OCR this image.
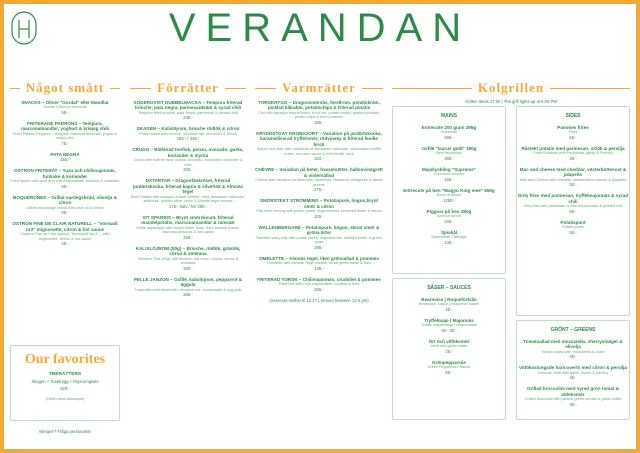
VERANDAN
Något smått
SNACKS – Oliver "Gordal" eller Mandlar
Gordal Olives or Almonds
55:-
FRITERADE PADRONS – Tempura, marconamandlar, yoghurt & krispig chili
Fried Padron Peppers – tempura, marcona almonds, yogurt & crispy chili
75:-
PATA NEGRA
165:-
OSTRON FRITERAT – Yuzu och chilimajonnäs, furikake & koriander
Fried oyster with yuzu and chili mayonnaise, furikake & coriander
65:-
BOQUERONES – Grillat surdegsbröd, olivolja & citron
Grilled sourdough bread with olive oil & lemon
85:-
OSTRON FINE DE CLAIR NATURELL – "normadi nr3" mignonette, citron & hot sauce
Oysters Fine de Clair Natural "Normandi No.3" – with mignonette, lemon & hot sauce
45:-
Our favorites
TRERÄTTERS
Skagen + Torskrygg + Popcornglass
625:-
(Gäller hela sällskapet)
Förrätter
SÖDERGVIST DUBBELMACKA – Tempura friterad brioche, pata negra, parmesankräm & syrad chili
Tempura fried brioche, pata negra, parmesan & pickled chili
235:-
SKAGEN – Kalixlöjrom, brioche rödlök & citron
Prawn salad with brioche, vendace roe, red onion & lemon
185:- / 245:-
CRUDO – Bläfenad tonfisk, ponzu, avocado, gurka, koriander & myntа
Crudo with blue fin tuna, ponzu, avocado, cucumber, coriander & mint
205:-
DXTARTAR – Dragonfänkrösel, friterad jordärtskocka, friterad kapris & silverlök & Almnäs tegel
Beef Tartare with tarragon cream cheese, fried Jerusalem artichoke, artichoke, pickled silver onion & Almnäs tegel cheese
175:- halv / hel 285:-
VIT SPARRIS – Brynt smörsksum, friterad mandelpotatis, marconamandlar & rams&k
White asparagus with brown butter foam, fried almond potato, Marcona almonds & wild garlic
225:-
KALIXLÖJROM (50g) – Brioche, rödlök, gräslök, citron & smetana
Vendace Roe (50g) with brioche, red onion, chives, lemon & smetana
320:-
PELLE JANZON – Oxfilé, kalixlöjrom, pepparrot & äggula
Toast with beef tenderloin, vendace roe, horseradish & egg yolk
265:-
Varmrätter
TORSKRYGG – Dragonsmörsås, forellrom, potatiskräm, picklad kålrabbi, potatischips & friterad potatis
Cod with tarragon beurre blanc, trout roe, potato cream, pickled kohlrabi, potato chips & fried potatoes
335:-
KRYDDSTOAT KRONHJORT – Variation på jordärtskocka, karamelliserad tryffelsmör, rödvinsky & friterad feuille brick
Spiced red deer with variations of Jerusalem artichoke, caramelized truffle butter, red wine sauce & fried feuille brick
320:-
CHÈVRE – Variation på beter, hasselnötter, hallonvinägrett & vintersallad
Chèvre with variation on beetroots, hazelnuts, raspberry vinaigrette & winter greens
275:-
SMÖRSTEKT STRÖMMING – Potatispuré, lingon,brynt smör & citron
Pan-fried Herring with potato purée, lingonberries, browned butter & lemon
225:-
WALLENBERGARE – Potatispure, lingon, skirat smör & gröna ärtor
Swedish veal patty with potato purée, lingonberries, clarified butter & green peas
295:-
OMELETTE – Almnäs tegel, liten grönsallad & pommes
Omelette with Almnäs Tegel cheese, small green salad & fries
145:-
FRITERAD TORSK – Chilimajonnäs, crudidiet & pommes
Fried cod with Chili mayonnaise, crudités & fries
265:-
(Serveras mellan kl 12-17 | Served between 12-5 pm)
Kolgrillen
Grillen tänds 17:00 | The grill lights up at 5:00 PM
MAINS
Entrecote 200 gram 295g
Entrecote
295:-
Oxfilé "laurus gold" 180g
Beef tenderloin
265:-
Majskyckling "Supreme"
Corn-feed chicken
165:-
Entrecote på ben "Wagyu King mee" 850g
Bone-in ribeye
1250:-
Piggvar på ben 350g
Bone-in turbot
345:-
Spiskål
Sweetheart Cabbage
145:-
SIDES
Pommes frites
Fries
55:-
Råstekt potatis med parmesan, vitlök & persilja
Fried Potatoes with Parmesan, garlic & Parsley
45:-
Mac and cheese med cheddar, västerbottenost & jalapeño
Mac and Cheese with cheddar, västerbotten cheese & jalapeño
55:-
Dirty fries med parmesan, tryffelmajonnäs & syrad chili
Dirty fries with parmesan, truffle mayonnaise & pickled chili
65:-
Potatispuré
Potato purée
55:-
SÅSER – SAUCES
Bearnaise | Roquefortsås
Bearnaise Sauce | Roquefort sauce
45:-
Tryffelmajo | Majonnäs
Truffle mayonnaise | Mayonnaise
35:- 30:-
Ört och vitlöksmör
Herb and garlic butter
25:-
Grönpepparsås
Green Peppercorn Sauce
55:-
GRÖNT – GREENS
Tomatsallad med mozzarella, sherryvinäger & olivolja
Tomato salad with mozzarella & onion
45:-
Vitlöksslungade haricoverts med citron & persilja
Haricots verts with garlic, lemon & parsley
45:-
Grillad broccolini med syrad grön tomat & vitlöksmör
Grilled broccolini with pickled green tomato & garlic butter
45:-
Allergier? Fråga personalen!
